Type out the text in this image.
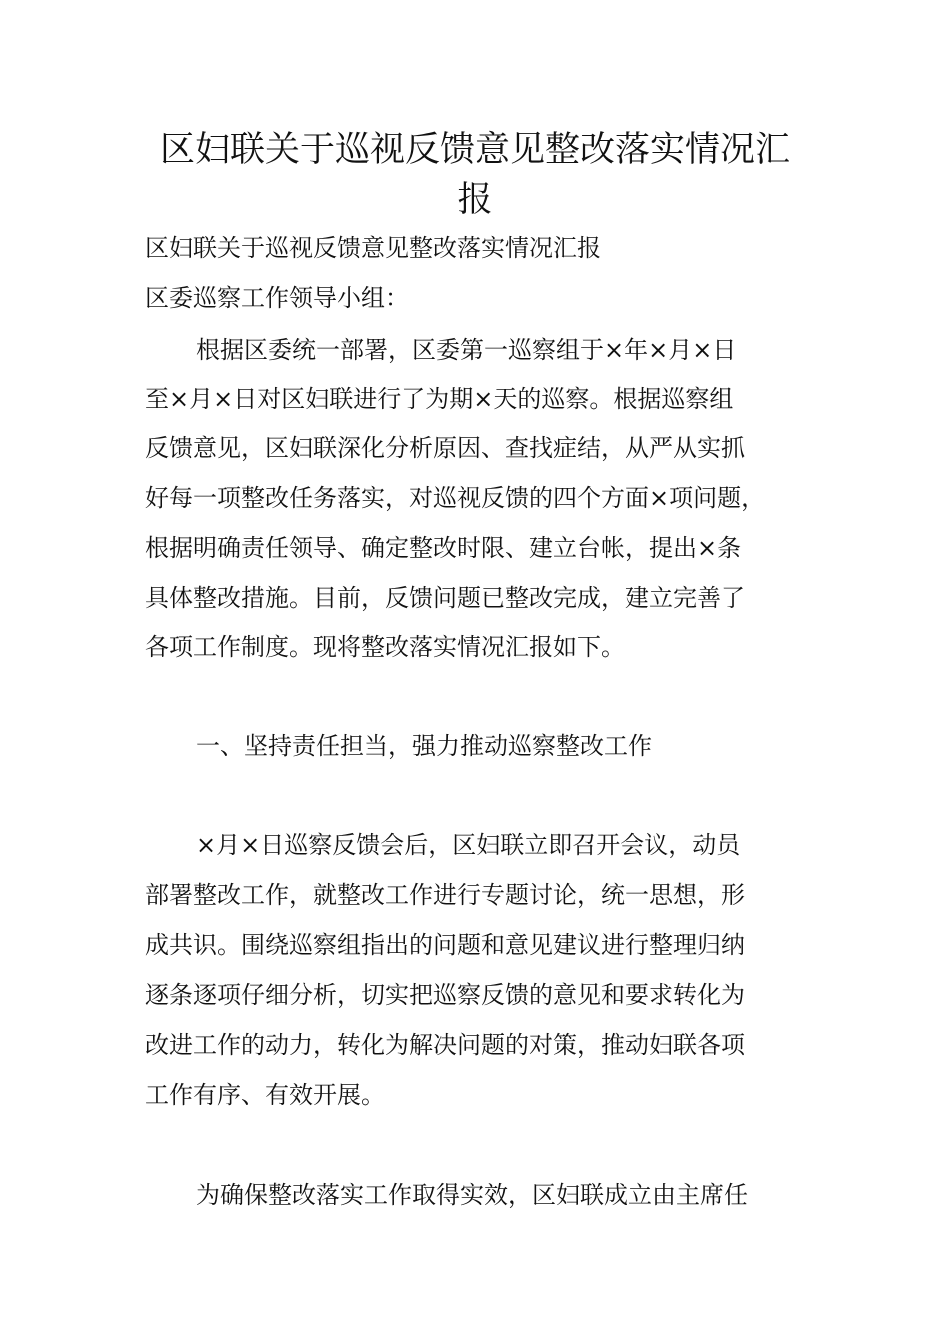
区妇联关于巡视反馈意见整改落实情况汇
报
区妇联关于巡视反馈意见整改落实情况汇报
区委巡察工作领导小组：
根据区委统一部署，区委第一巡察组于×年×月×日
至×月×日对区妇联进行了为期×天的巡察。根据巡察组
反馈意见，区妇联深化分析原因、查找症结，从严从实抓
好每一项整改任务落实，对巡视反馈的四个方面×项问题，
根据明确责任领导、确定整改时限、建立台帐，提出×条
具体整改措施。目前，反馈问题已整改完成，建立完善了
各项工作制度。现将整改落实情况汇报如下。
一、坚持责任担当，强力推动巡察整改工作
×月×日巡察反馈会后，区妇联立即召开会议，动员
部署整改工作，就整改工作进行专题讨论，统一思想，形
成共识。围绕巡察组指出的问题和意见建议进行整理归纳
逐条逐项仔细分析，切实把巡察反馈的意见和要求转化为
改进工作的动力，转化为解决问题的对策，推动妇联各项
工作有序、有效开展。
为确保整改落实工作取得实效，区妇联成立由主席任
